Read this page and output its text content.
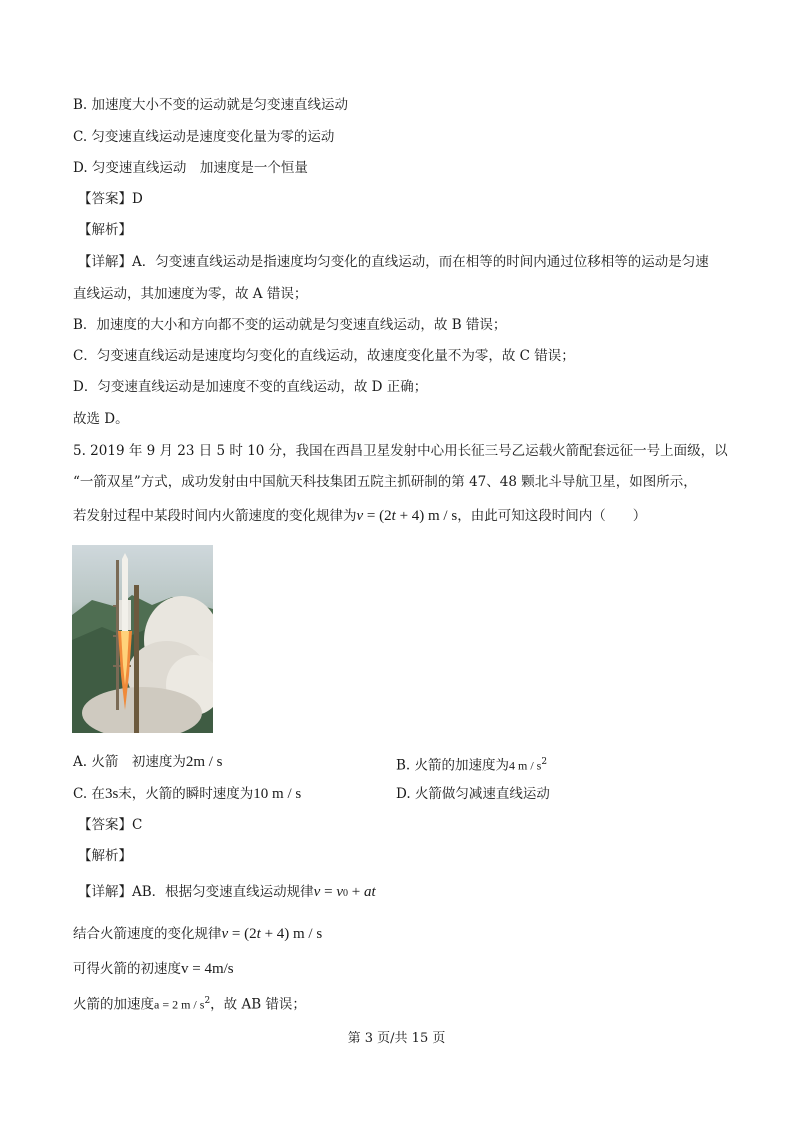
B. 加速度大小不变的运动就是匀变速直线运动
C. 匀变速直线运动是速度变化量为零的运动
D. 匀变速直线运动　加速度是一个恒量
【答案】D
【解析】
【详解】A．匀变速直线运动是指速度均匀变化的直线运动，而在相等的时间内通过位移相等的运动是匀速
直线运动，其加速度为零，故 A 错误；
B．加速度的大小和方向都不变的运动就是匀变速直线运动，故 B 错误；
C．匀变速直线运动是速度均匀变化的直线运动，故速度变化量不为零，故 C 错误；
D．匀变速直线运动是加速度不变的直线运动，故 D 正确；
故选 D。
5. 2019 年 9 月 23 日 5 时 10 分，我国在西昌卫星发射中心用长征三号乙运载火箭配套远征一号上面级，以
“一箭双星”方式，成功发射由中国航天科技集团五院主抓研制的第 47、48 颗北斗导航卫星，如图所示，
若发射过程中某段时间内火箭速度的变化规律为v = (2t + 4) m / s，由此可知这段时间内（　　）
A. 火箭　初速度为2m / s	B. 火箭的加速度为4 m / $s^2$
C. 在3s末，火箭的瞬时速度为10 m / s	D. 火箭做匀减速直线运动
【答案】C
【解析】
【详解】AB．根据匀变速直线运动规律v = v0 + at
结合火箭速度的变化规律v = (2t + 4) m / s
可得火箭的初速度v = 4m/s
火箭的加速度a = 2 m / $s^2$，故 AB 错误；
第 3 页/共 15 页
